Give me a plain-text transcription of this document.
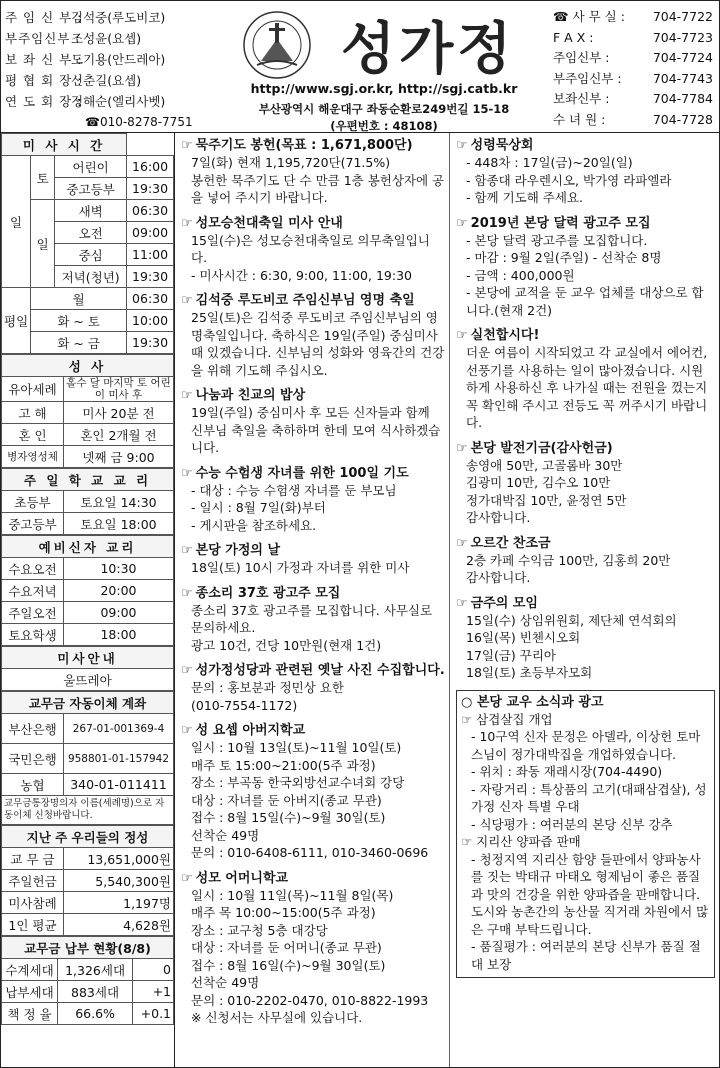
주 임 신 부 :김석중(루도비코)
부주임신부 :조성윤(요셉)
보 좌 신 부 :도기용(안드레아)
평 협 회 장 :신춘길(요셉)
연 도 회 장 :정해순(엘리사벳)
☎010-8278-7751
성가정
http://www.sgj.or.kr, http://sgj.catb.kr
부산광역시 해운대구 좌동순환로249번길 15-18
(우편번호 : 48108)
☎ 사 무 실 : 704-7722
F A X :	704-7723
주임신부 :	704-7724
부주임신부 :	704-7743
보좌신부 :	704-7784
수 녀 원 :	704-7728
미 사 시 간			
일	토	어린이	16:00
		중고등부	19:30
	일	새벽	06:30
		오전	09:00
		중심	11:00
		저녁(청년)	19:30
평일	월		06:30
	화 ~ 토		10:00
	화 ~ 금		19:30
성 사	
유아세례	홀수 달 마지막 토 어린이 미사 후
고 해	미사 20분 전
혼 인	혼인 2개월 전
병자영성체	넷째 금 9:00
주 일 학 교 교 리	
초등부	토요일 14:30
중고등부	토요일 18:00
예비신자 교리	
수요오전	10:30
수요저녁	20:00
주일오전	09:00
토요학생	18:00
미사안내
울뜨레아
교무금 자동이체 계좌	
부산은행	267-01-001369-4
국민은행	958801-01-157942
농협	340-01-011411
교무금통장명의자 이름(세례명)으로 자동이체 신청바랍니다.	
지난 주 우리들의 정성	
교 무 금	13,651,000원
주일헌금	5,540,300원
미사참례	1,197명
1인 평균	4,628원
교무금 납부 현황(8/8)		
수계세대	1,326세대	0
납부세대	883세대	+1
책 정 율	66.6%	+0.1
☞ 묵주기도 봉헌(목표 : 1,671,800단)
7일(화) 현재 1,195,720단(71.5%)
봉헌한 묵주기도 단 수 만큼 1층 봉헌상자에 공을 넣어 주시기 바랍니다.
☞ 성모승천대축일 미사 안내
15일(수)은 성모승천대축일로 의무축일입니다.
- 미사시간 : 6:30, 9:00, 11:00, 19:30
☞ 김석중 루도비코 주임신부님 영명 축일
25일(토)은 김석중 루도비코 주임신부님의 영명축일입니다. 축하식은 19일(주일) 중심미사 때 있겠습니다. 신부님의 성화와 영육간의 건강을 위해 기도해 주십시오.
☞ 나눔과 친교의 밥상
19일(주일) 중심미사 후 모든 신자들과 함께 신부님 축일을 축하하며 한데 모여 식사하겠습니다.
☞ 수능 수험생 자녀를 위한 100일 기도
- 대상 : 수능 수험생 자녀를 둔 부모님
- 일시 : 8월 7일(화)부터
- 게시판을 참조하세요.
☞ 본당 가정의 날
18일(토) 10시 가정과 자녀를 위한 미사
☞ 종소리 37호 광고주 모집
종소리 37호 광고주를 모집합니다. 사무실로 문의하세요.
광고 10건, 건당 10만원(현재 1건)
☞ 성가정성당과 관련된 옛날 사진 수집합니다.
문의 : 홍보분과 정민상 요한
(010-7554-1172)
☞ 성 요셉 아버지학교
일시 : 10월 13일(토)~11월 10일(토)
매주 토 15:00~21:00(5주 과정)
장소 : 부곡동 한국외방선교수녀회 강당
대상 : 자녀를 둔 아버지(종교 무관)
접수 : 8월 15일(수)~9월 30일(토)
선착순 49명
문의 : 010-6408-6111, 010-3460-0696
☞ 성모 어머니학교
일시 : 10월 11일(목)~11월 8일(목)
매주 목 10:00~15:00(5주 과정)
장소 : 교구청 5층 대강당
대상 : 자녀를 둔 어머니(종교 무관)
접수 : 8월 16일(수)~9월 30일(토)
선착순 49명
문의 : 010-2202-0470, 010-8822-1993
※ 신청서는 사무실에 있습니다.
☞ 성령묵상회
- 448차 : 17일(금)~20일(일)
- 함종대 라우렌시오, 박가영 라파엘라
- 함께 기도해 주세요.
☞ 2019년 본당 달력 광고주 모집
- 본당 달력 광고주를 모집합니다.
- 마감 : 9월 2일(주일) - 선착순 8명
- 금액 : 400,000원
- 본당에 교적을 둔 교우 업체를 대상으로 합니다.(현재 2건)
☞ 실천합시다!
더운 여름이 시작되었고 각 교실에서 에어컨, 선풍기를 사용하는 일이 많아졌습니다. 시원하게 사용하신 후 나가실 때는 전원을 껐는지 꼭 확인해 주시고 전등도 꼭 꺼주시기 바랍니다.
☞ 본당 발전기금(감사헌금)
송영애 50만, 고골롬바 30만
김광미 10만, 김수오 10만
정가대박집 10만, 윤정연 5만
감사합니다.
☞ 오르간 찬조금
2층 카페 수익금 100만, 김홍희 20만
감사합니다.
☞ 금주의 모임
15일(수) 상임위원회, 제단체 연석회의
16일(목) 빈첸시오회
17일(금) 꾸리아
18일(토) 초등부자모회
○ 본당 교우 소식과 광고
☞ 삼겹살집 개업
- 10구역 신자 문정은 아델라, 이상헌 토마스님이 정가대박집을 개업하였습니다.
- 위치 : 좌동 재래시장(704-4490)
- 자랑거리 : 특상품의 고기(대패삼겹살), 성가정 신자 특별 우대
- 식당평가 : 여러분의 본당 신부 강추
☞ 지리산 양파즙 판매
- 청정지역 지리산 함양 들판에서 양파농사를 짓는 박태규 마태오 형제님이 좋은 품질과 맛의 건강을 위한 양파즙을 판매합니다. 도시와 농촌간의 농산물 직거래 차원에서 많은 구매 부탁드립니다.
- 품질평가 : 여러분의 본당 신부가 품질 절대 보장
